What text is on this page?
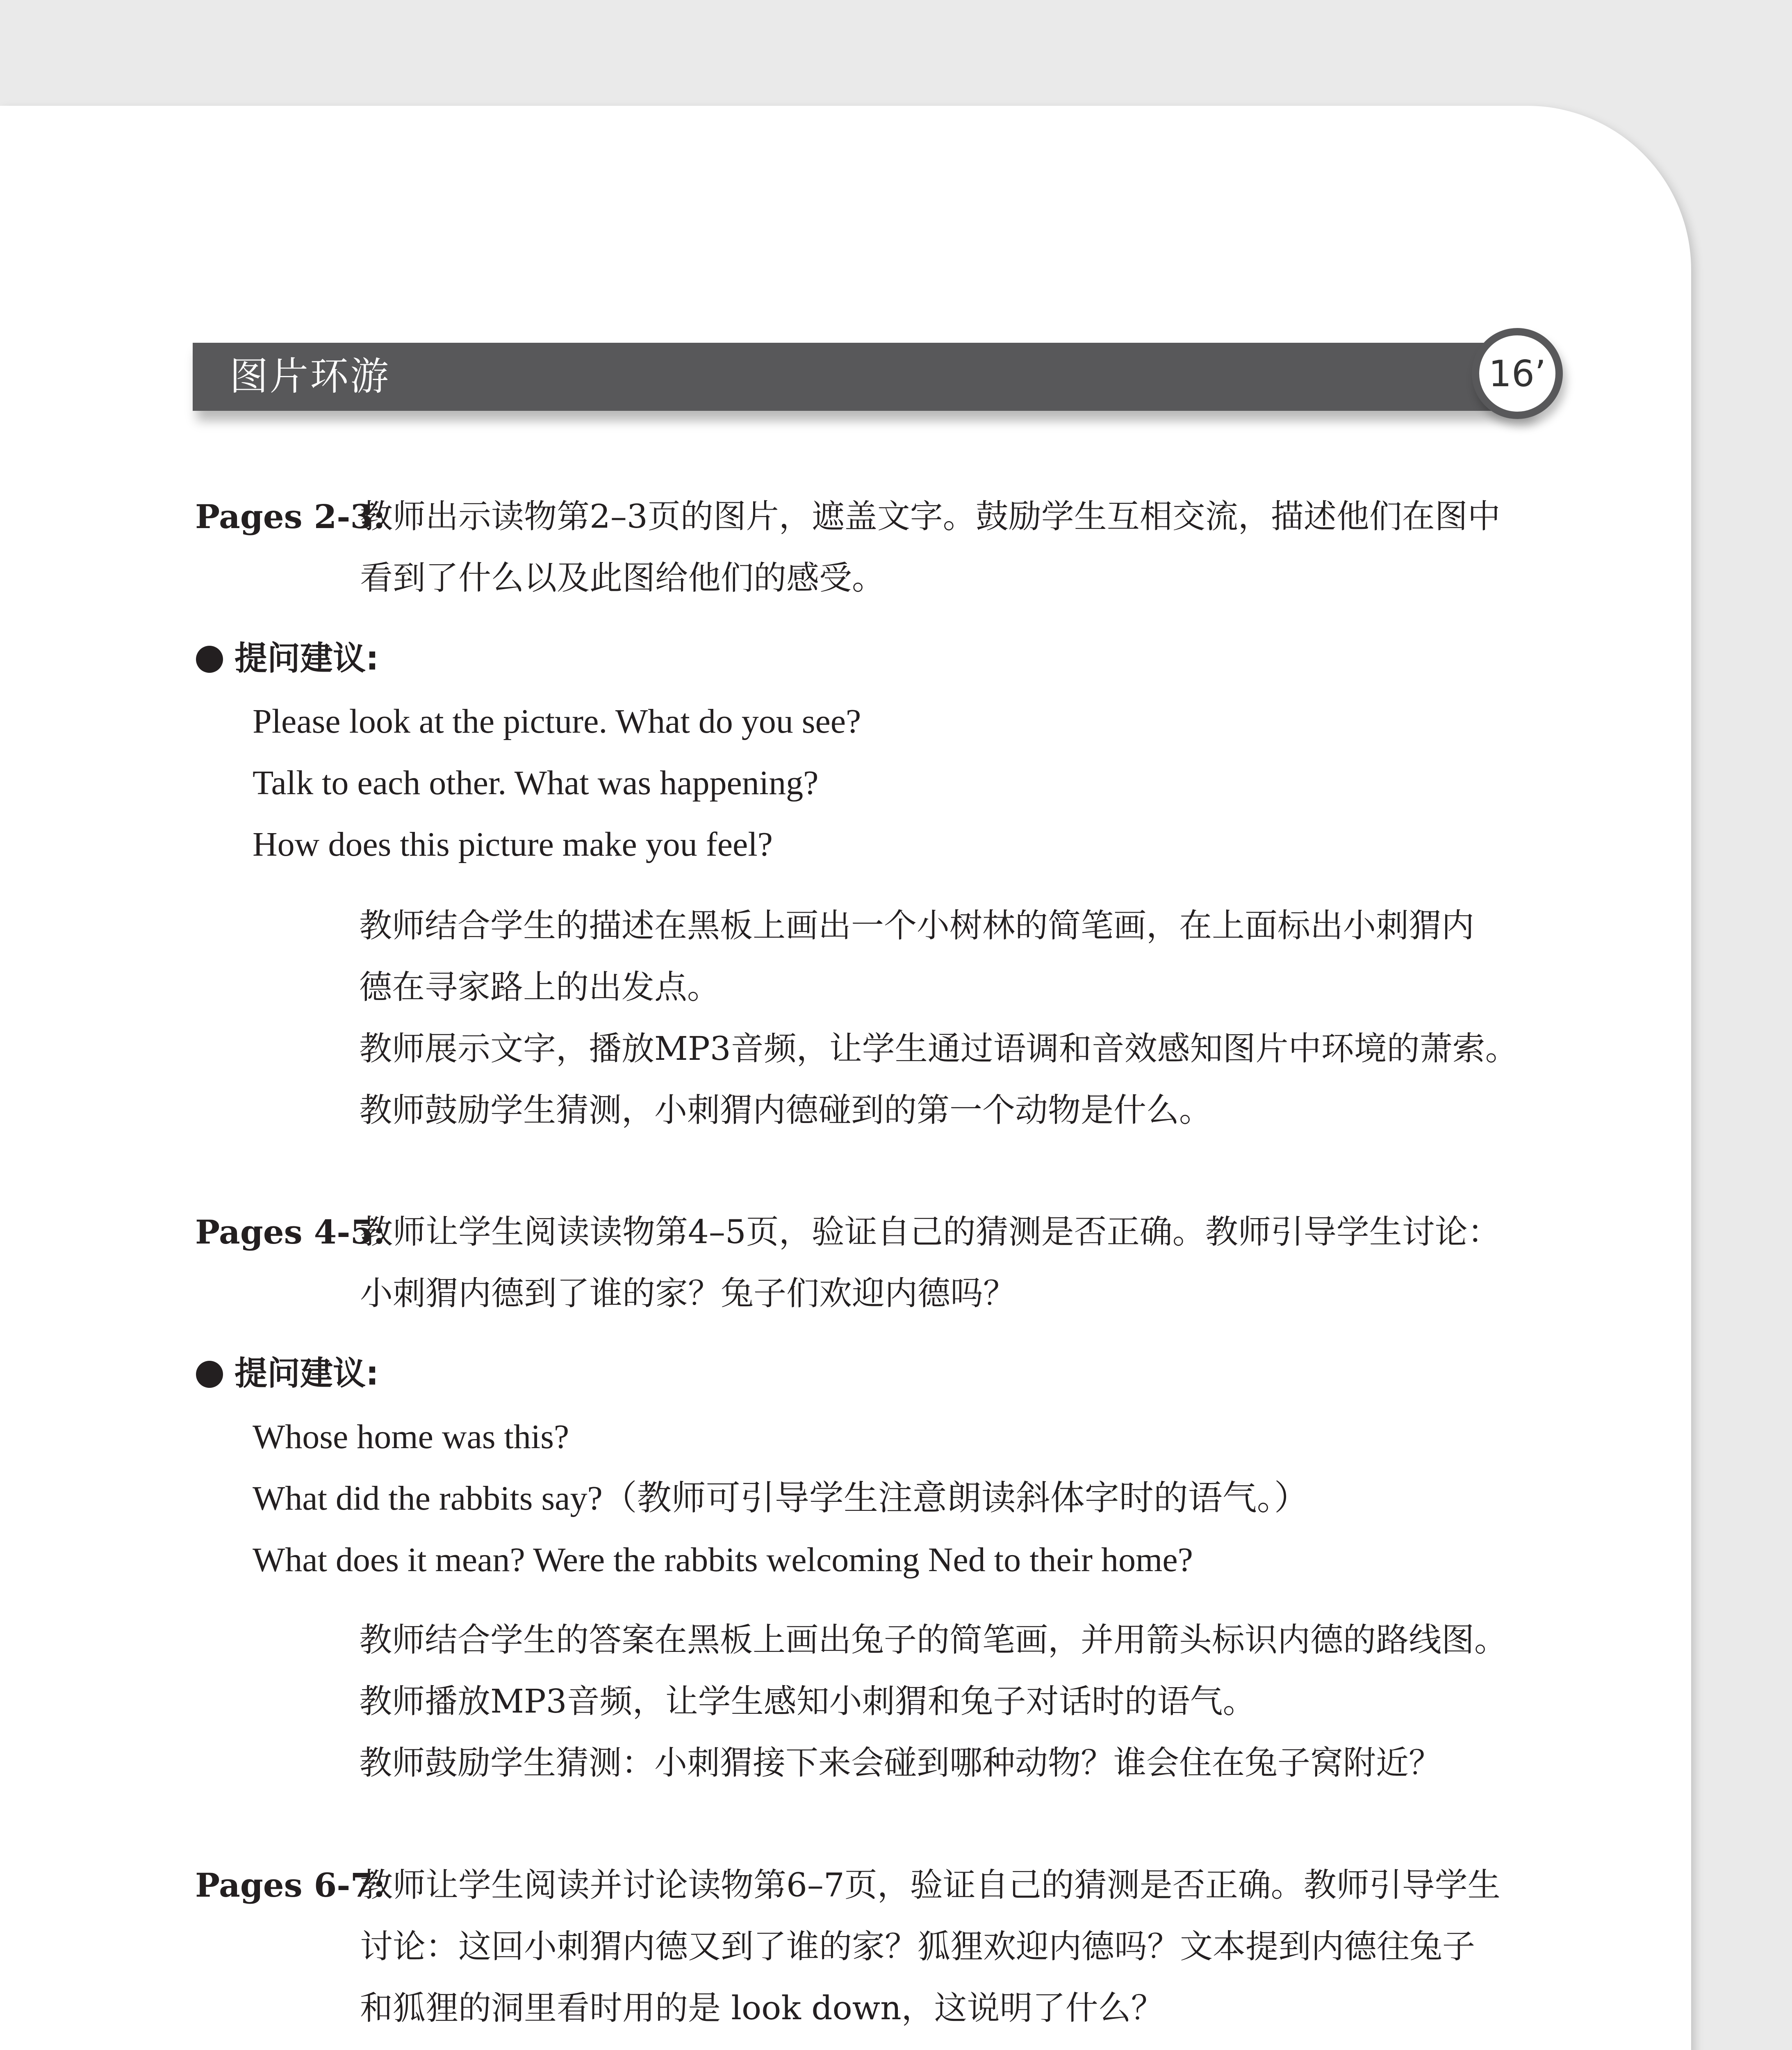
图片环游	16’
Pages 2-3:
教师出示读物第2–3页的图片，遮盖文字。鼓励学生互相交流，描述他们在图中
看到了什么以及此图给他们的感受。
提问建议:
Please look at the picture. What do you see?
Talk to each other. What was happening?
How does this picture make you feel?
教师结合学生的描述在黑板上画出一个小树林的简笔画，在上面标出小刺猬内
德在寻家路上的出发点。
教师展示文字，播放MP3音频，让学生通过语调和音效感知图片中环境的萧索。
教师鼓励学生猜测，小刺猬内德碰到的第一个动物是什么。
Pages 4-5:
教师让学生阅读读物第4–5页，验证自己的猜测是否正确。教师引导学生讨论：
小刺猬内德到了谁的家？兔子们欢迎内德吗？
提问建议:
Whose home was this?
What did the rabbits say?（教师可引导学生注意朗读斜体字时的语气。）
What does it mean? Were the rabbits welcoming Ned to their home?
教师结合学生的答案在黑板上画出兔子的简笔画，并用箭头标识内德的路线图。
教师播放MP3音频，让学生感知小刺猬和兔子对话时的语气。
教师鼓励学生猜测：小刺猬接下来会碰到哪种动物？谁会住在兔子窝附近？
Pages 6-7:
教师让学生阅读并讨论读物第6–7页，验证自己的猜测是否正确。教师引导学生
讨论：这回小刺猬内德又到了谁的家？狐狸欢迎内德吗？文本提到内德往兔子
和狐狸的洞里看时用的是 look down，这说明了什么？
